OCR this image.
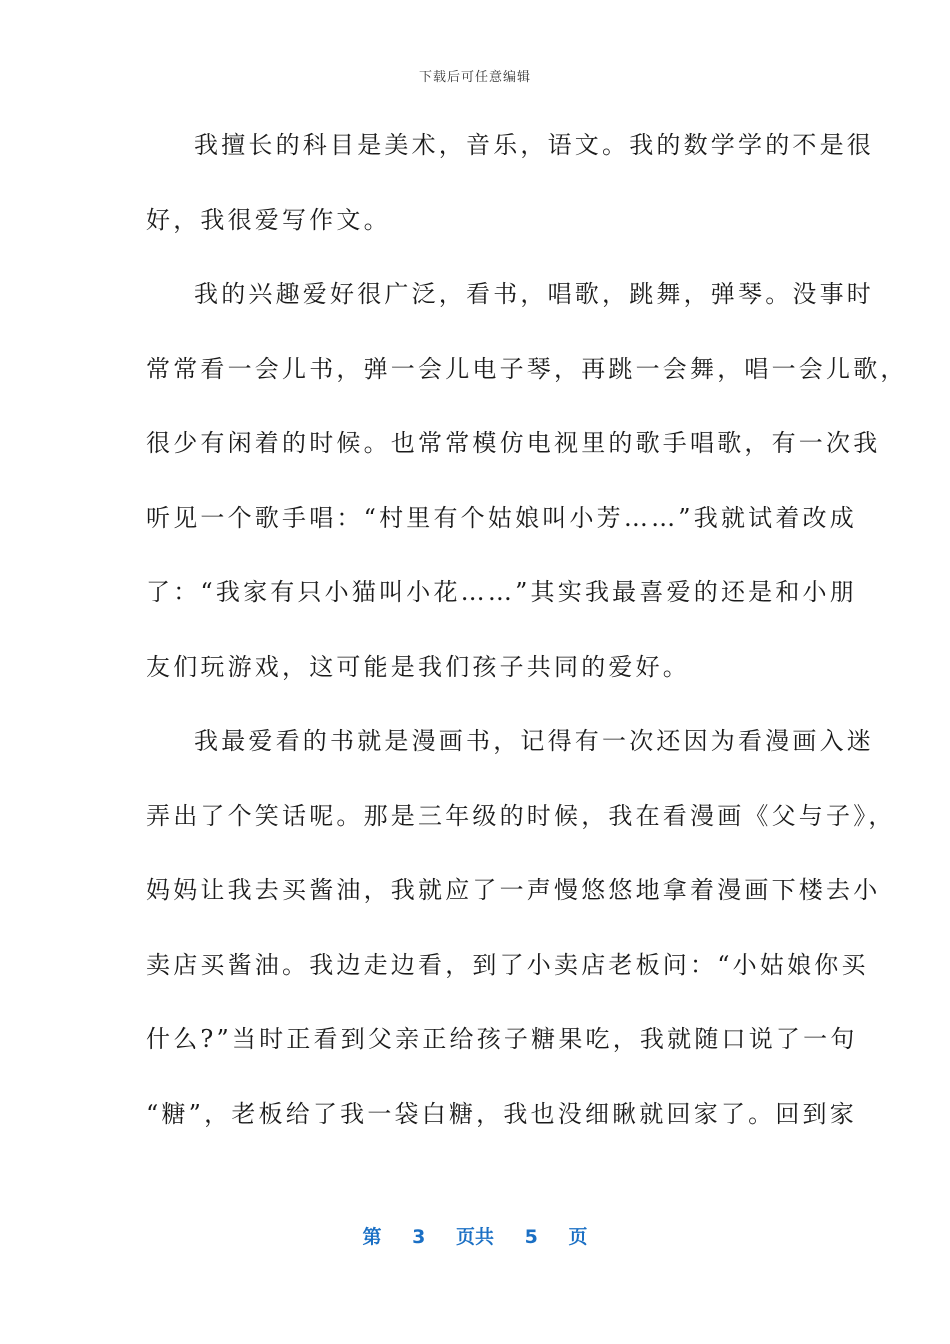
下载后可任意编辑
我擅长的科目是美术，音乐，语文。我的数学学的不是很
好，我很爱写作文。
我的兴趣爱好很广泛，看书，唱歌，跳舞，弹琴。没事时
常常看一会儿书，弹一会儿电子琴，再跳一会舞，唱一会儿歌，
很少有闲着的时候。也常常模仿电视里的歌手唱歌，有一次我
听见一个歌手唱：“村里有个姑娘叫小芳……”我就试着改成
了：“我家有只小猫叫小花……”其实我最喜爱的还是和小朋
友们玩游戏，这可能是我们孩子共同的爱好。
我最爱看的书就是漫画书，记得有一次还因为看漫画入迷
弄出了个笑话呢。那是三年级的时候，我在看漫画《父与子》，
妈妈让我去买酱油，我就应了一声慢悠悠地拿着漫画下楼去小
卖店买酱油。我边走边看，到了小卖店老板问：“小姑娘你买
什么?”当时正看到父亲正给孩子糖果吃，我就随口说了一句
“糖”，老板给了我一袋白糖，我也没细瞅就回家了。回到家
第 3 页共 5 页
